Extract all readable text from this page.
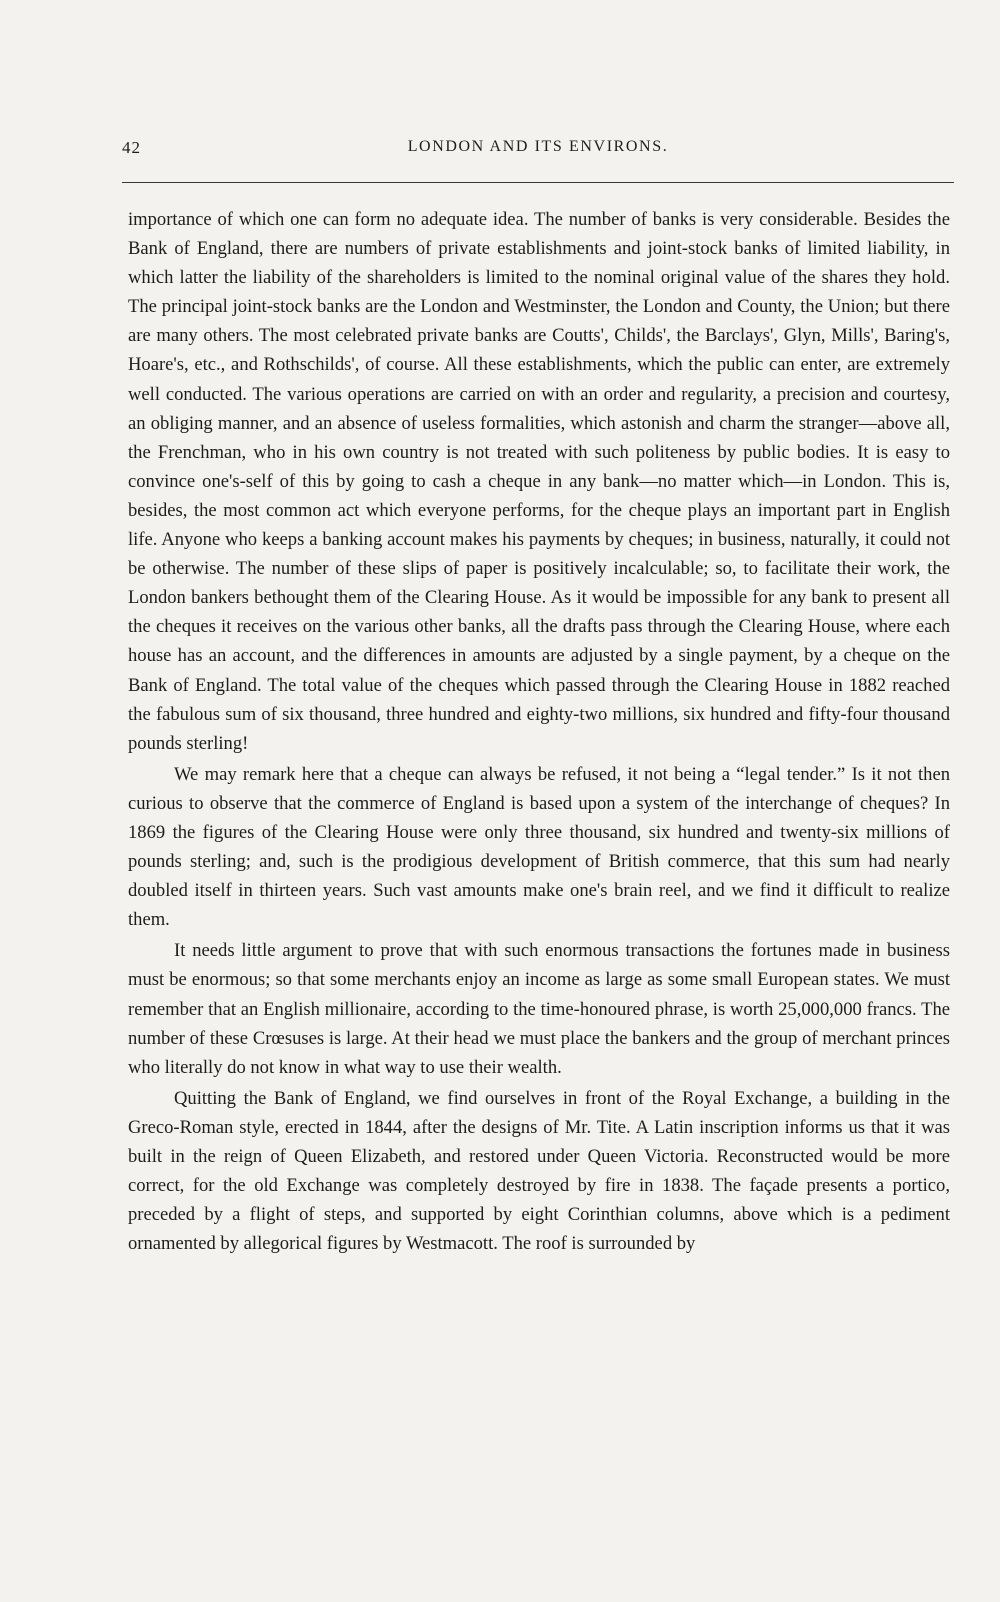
42	LONDON AND ITS ENVIRONS.

importance of which one can form no adequate idea. The number of banks is very considerable. Besides the Bank of England, there are numbers of private establishments and joint-stock banks of limited liability, in which latter the liability of the shareholders is limited to the nominal original value of the shares they hold. The principal joint-stock banks are the London and Westminster, the London and County, the Union; but there are many others. The most celebrated private banks are Coutts', Childs', the Barclays', Glyn, Mills', Baring's, Hoare's, etc., and Rothschilds', of course. All these establishments, which the public can enter, are extremely well conducted. The various operations are carried on with an order and regularity, a precision and courtesy, an obliging manner, and an absence of useless formalities, which astonish and charm the stranger—above all, the Frenchman, who in his own country is not treated with such politeness by public bodies. It is easy to convince one's-self of this by going to cash a cheque in any bank—no matter which—in London. This is, besides, the most common act which everyone performs, for the cheque plays an important part in English life. Anyone who keeps a banking account makes his payments by cheques; in business, naturally, it could not be otherwise. The number of these slips of paper is positively incalculable; so, to facilitate their work, the London bankers bethought them of the Clearing House. As it would be impossible for any bank to present all the cheques it receives on the various other banks, all the drafts pass through the Clearing House, where each house has an account, and the differences in amounts are adjusted by a single payment, by a cheque on the Bank of England. The total value of the cheques which passed through the Clearing House in 1882 reached the fabulous sum of six thousand, three hundred and eighty-two millions, six hundred and fifty-four thousand pounds sterling!

We may remark here that a cheque can always be refused, it not being a “legal tender.” Is it not then curious to observe that the commerce of England is based upon a system of the interchange of cheques? In 1869 the figures of the Clearing House were only three thousand, six hundred and twenty-six millions of pounds sterling; and, such is the prodigious development of British commerce, that this sum had nearly doubled itself in thirteen years. Such vast amounts make one's brain reel, and we find it difficult to realize them.

It needs little argument to prove that with such enormous transactions the fortunes made in business must be enormous; so that some merchants enjoy an income as large as some small European states. We must remember that an English millionaire, according to the time-honoured phrase, is worth 25,000,000 francs. The number of these Crœsuses is large. At their head we must place the bankers and the group of merchant princes who literally do not know in what way to use their wealth.

Quitting the Bank of England, we find ourselves in front of the Royal Exchange, a building in the Greco-Roman style, erected in 1844, after the designs of Mr. Tite. A Latin inscription informs us that it was built in the reign of Queen Elizabeth, and restored under Queen Victoria. Reconstructed would be more correct, for the old Exchange was completely destroyed by fire in 1838. The façade presents a portico, preceded by a flight of steps, and supported by eight Corinthian columns, above which is a pediment ornamented by allegorical figures by Westmacott. The roof is surrounded by
